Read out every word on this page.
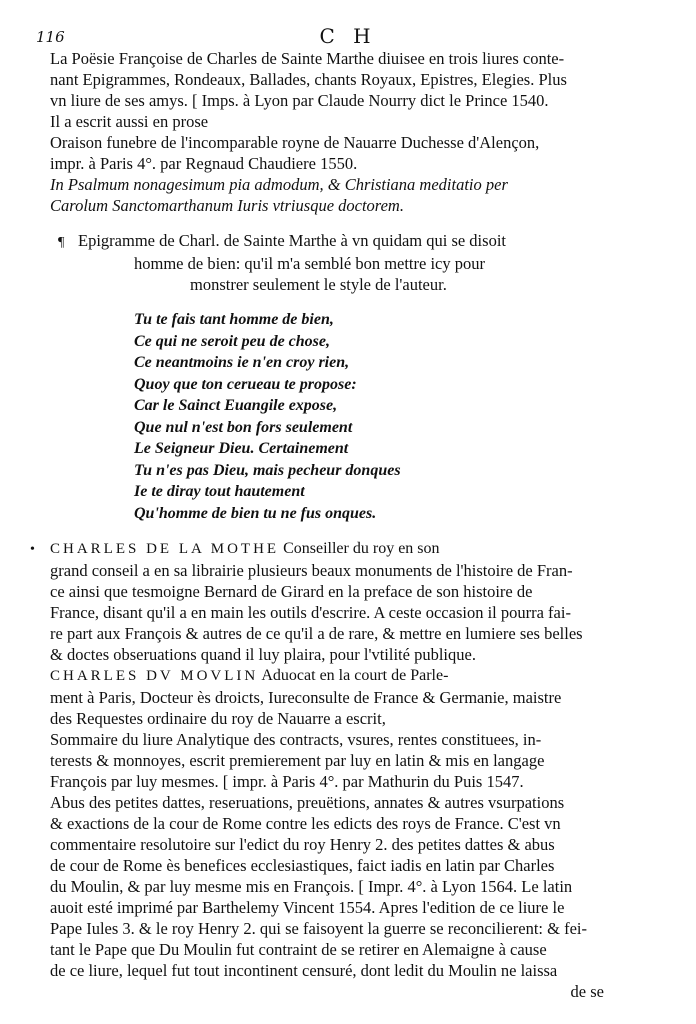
116	C H
La Poësie Françoise de Charles de Sainte Marthe diuisee en trois liures conte-
nant Epigrammes, Rondeaux, Ballades, chants Royaux, Epistres, Elegies. Plus
vn liure de ses amys. [ Imps. à Lyon par Claude Nourry dict le Prince 1540.
Il a escrit aussi en prose
Oraison funebre de l'incomparable royne de Nauarre Duchesse d'Alençon,
impr. à Paris 4°. par Regnaud Chaudiere 1550.
In Psalmum nonagesimum pia admodum, & Christiana meditatio per
Carolum Sanctomarthanum Iuris vtriusque doctorem.
¶ Epigramme de Charl. de Sainte Marthe à vn quidam qui se disoit
homme de bien: qu'il m'a semblé bon mettre icy pour
monstrer seulement le style de l'auteur.
Tu te fais tant homme de bien,
Ce qui ne seroit peu de chose,
Ce neantmoins ie n'en croy rien,
Quoy que ton cerueau te propose:
Car le Sainct Euangile expose,
Que nul n'est bon fors seulement
Le Seigneur Dieu. Certainement
Tu n'es pas Dieu, mais pecheur donques
Ie te diray tout hautement
Qu'homme de bien tu ne fus onques.
• CHARLES DE LA MOTHE Conseiller du roy en son
grand conseil a en sa librairie plusieurs beaux monuments de l'histoire de Fran-
ce ainsi que tesmoigne Bernard de Girard en la preface de son histoire de
France, disant qu'il a en main les outils d'escrire. A ceste occasion il pourra fai-
re part aux François & autres de ce qu'il a de rare, & mettre en lumiere ses belles
& doctes obseruations quand il luy plaira, pour l'vtilité publique.
CHARLES DV MOVLIN Aduocat en la court de Parle-
ment à Paris, Docteur ès droicts, Iureconsulte de France & Germanie, maistre
des Requestes ordinaire du roy de Nauarre a escrit,
Sommaire du liure Analytique des contracts, vsures, rentes constituees, in-
terests & monnoyes, escrit premierement par luy en latin & mis en langage
François par luy mesmes. [ impr. à Paris 4°. par Mathurin du Puis 1547.
Abus des petites dattes, reseruations, preuëtions, annates & autres vsurpations
& exactions de la cour de Rome contre les edicts des roys de France. C'est vn
commentaire resolutoire sur l'edict du roy Henry 2. des petites dattes & abus
de cour de Rome ès benefices ecclesiastiques, faict iadis en latin par Charles
du Moulin, & par luy mesme mis en François. [ Impr. 4°. à Lyon 1564. Le latin
auoit esté imprimé par Barthelemy Vincent 1554. Apres l'edition de ce liure le
Pape Iules 3. & le roy Henry 2. qui se faisoyent la guerre se reconcilierent: & fei-
tant le Pape que Du Moulin fut contraint de se retirer en Alemaigne à cause
de ce liure, lequel fut tout incontinent censuré, dont ledit du Moulin ne laissa
de se
